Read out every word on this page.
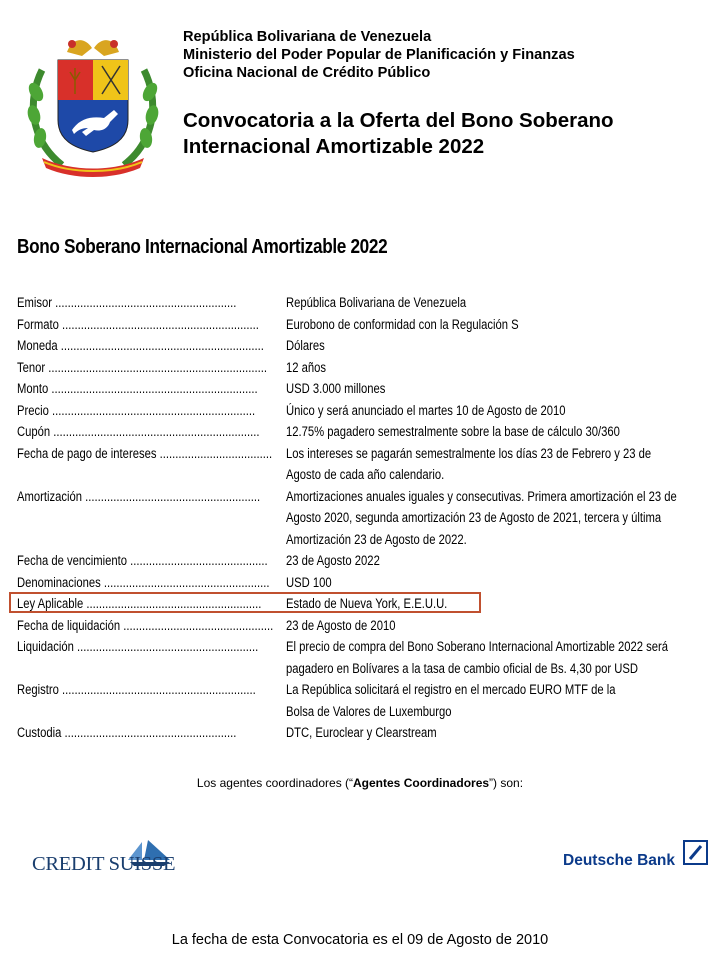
República Bolivariana de Venezuela
Ministerio del Poder Popular de Planificación y Finanzas
Oficina Nacional de Crédito Público
Convocatoria a la Oferta del Bono Soberano
Internacional Amortizable 2022
Bono Soberano Internacional Amortizable 2022
Emisor ..........................................................	República Bolivariana de Venezuela
Formato ...............................................................	Eurobono de conformidad con la Regulación S
Moneda .................................................................	Dólares
Tenor ......................................................................	12 años
Monto ..................................................................	USD 3.000 millones
Precio .................................................................	Único y será anunciado el martes 10 de Agosto de 2010
Cupón ..................................................................	12.75% pagadero semestralmente sobre la base de cálculo 30/360
Fecha de pago de intereses ....................................	Los intereses se pagarán semestralmente los días 23 de Febrero y 23 de
Agosto de cada año calendario.
Amortización ........................................................	Amortizaciones anuales iguales y consecutivas. Primera amortización el 23 de
Agosto 2020, segunda amortización 23 de Agosto de 2021, tercera y última
Amortización 23 de Agosto de 2022.
Fecha de vencimiento ............................................	23 de Agosto 2022
Denominaciones .....................................................	USD 100
Ley Aplicable ........................................................	Estado de Nueva York, E.E.U.U.
Fecha de liquidación ................................................ 23 de Agosto de 2010
Liquidación ..........................................................	El precio de compra del Bono Soberano Internacional Amortizable 2022 será
pagadero en Bolívares a la tasa de cambio oficial de Bs. 4,30 por USD
Registro ..............................................................	La República solicitará el registro en el mercado EURO MTF de la
Bolsa de Valores de Luxemburgo
Custodia .......................................................	DTC, Euroclear y Clearstream
Los agentes coordinadores (“Agentes Coordinadores”) son:
CREDIT SUISSE	Deutsche Bank
La fecha de esta Convocatoria es el 09 de Agosto de 2010
